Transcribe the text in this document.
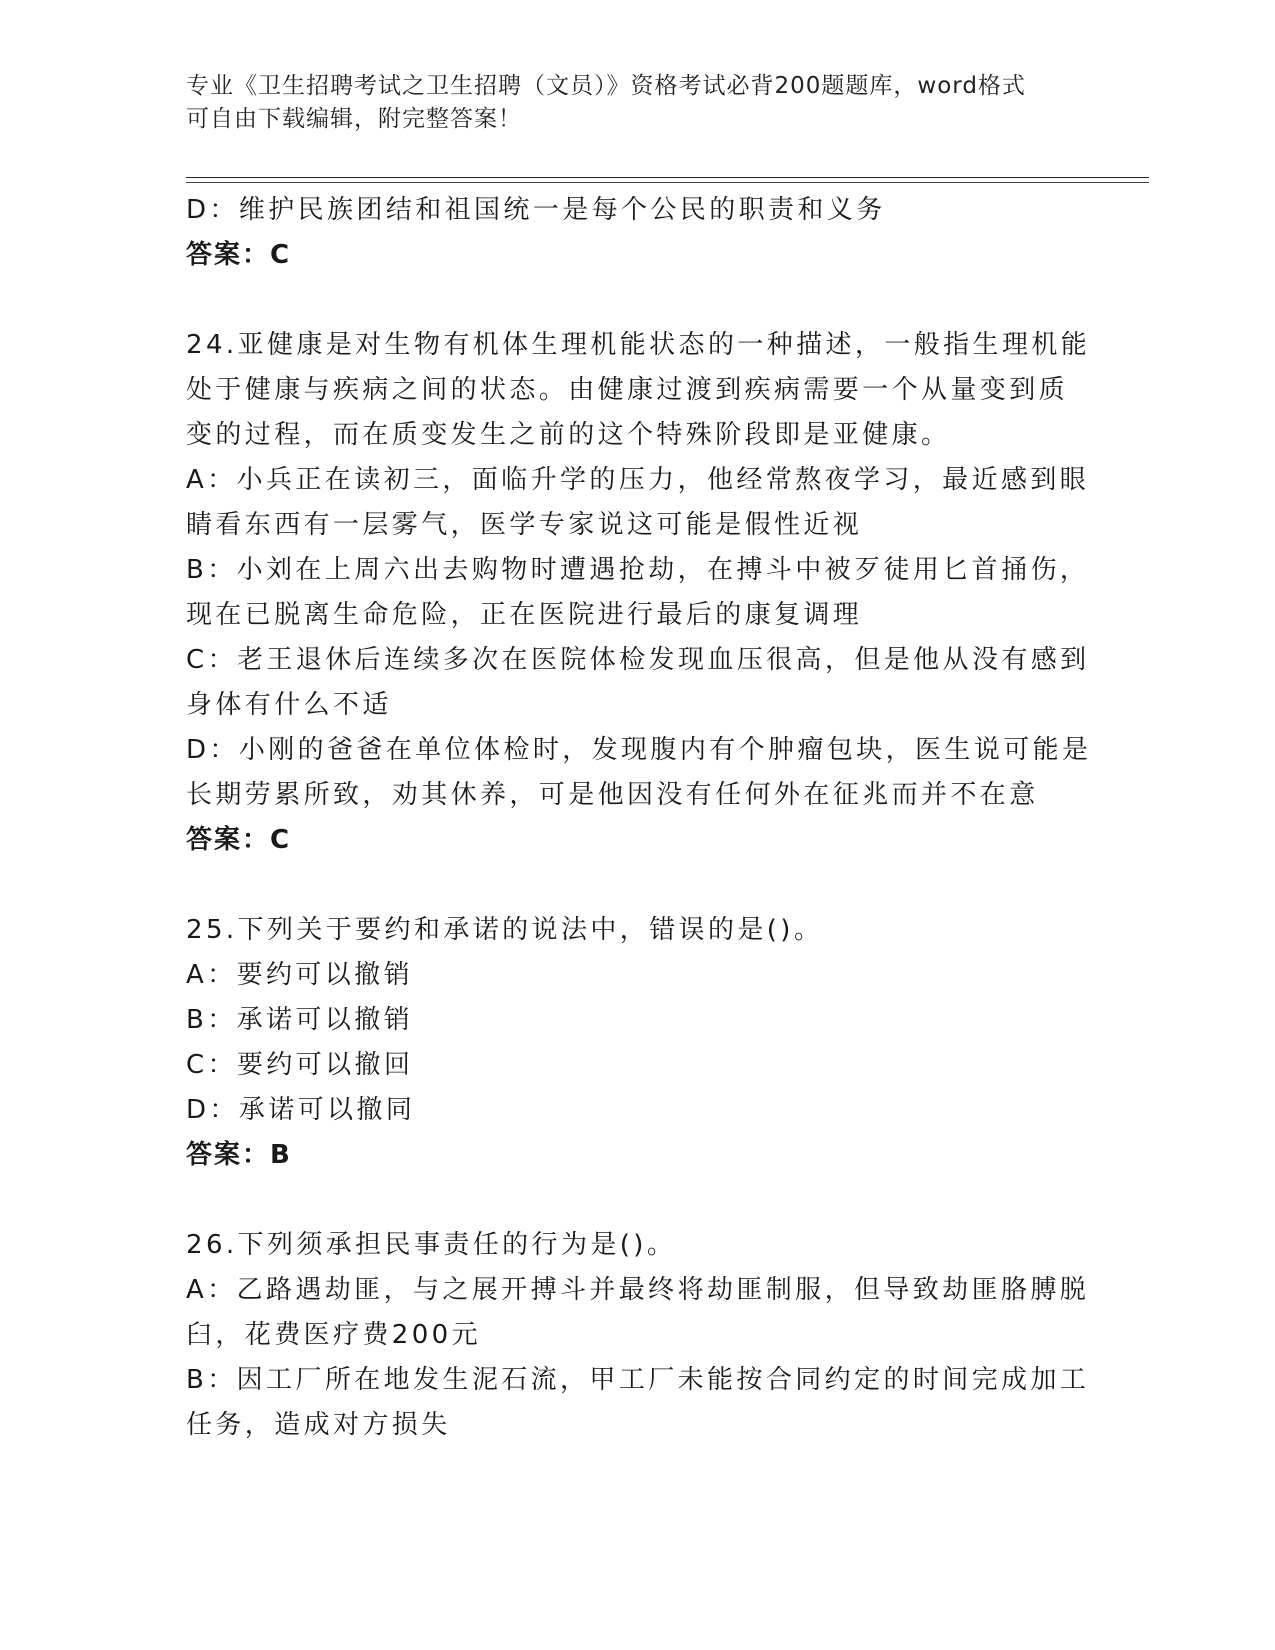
专业《卫生招聘考试之卫生招聘（文员）》资格考试必背200题题库，word格式
可自由下载编辑，附完整答案！
D：维护民族团结和祖国统一是每个公民的职责和义务
答案：C
24.亚健康是对生物有机体生理机能状态的一种描述，一般指生理机能
处于健康与疾病之间的状态。由健康过渡到疾病需要一个从量变到质
变的过程，而在质变发生之前的这个特殊阶段即是亚健康。
A：小兵正在读初三，面临升学的压力，他经常熬夜学习，最近感到眼
睛看东西有一层雾气，医学专家说这可能是假性近视
B：小刘在上周六出去购物时遭遇抢劫，在搏斗中被歹徒用匕首捅伤，
现在已脱离生命危险，正在医院进行最后的康复调理
C：老王退休后连续多次在医院体检发现血压很高，但是他从没有感到
身体有什么不适
D：小刚的爸爸在单位体检时，发现腹内有个肿瘤包块，医生说可能是
长期劳累所致，劝其休养，可是他因没有任何外在征兆而并不在意
答案：C
25.下列关于要约和承诺的说法中，错误的是()。
A：要约可以撤销
B：承诺可以撤销
C：要约可以撤回
D：承诺可以撤同
答案：B
26.下列须承担民事责任的行为是()。
A：乙路遇劫匪，与之展开搏斗并最终将劫匪制服，但导致劫匪胳膊脱
臼，花费医疗费200元
B：因工厂所在地发生泥石流，甲工厂未能按合同约定的时间完成加工
任务，造成对方损失
